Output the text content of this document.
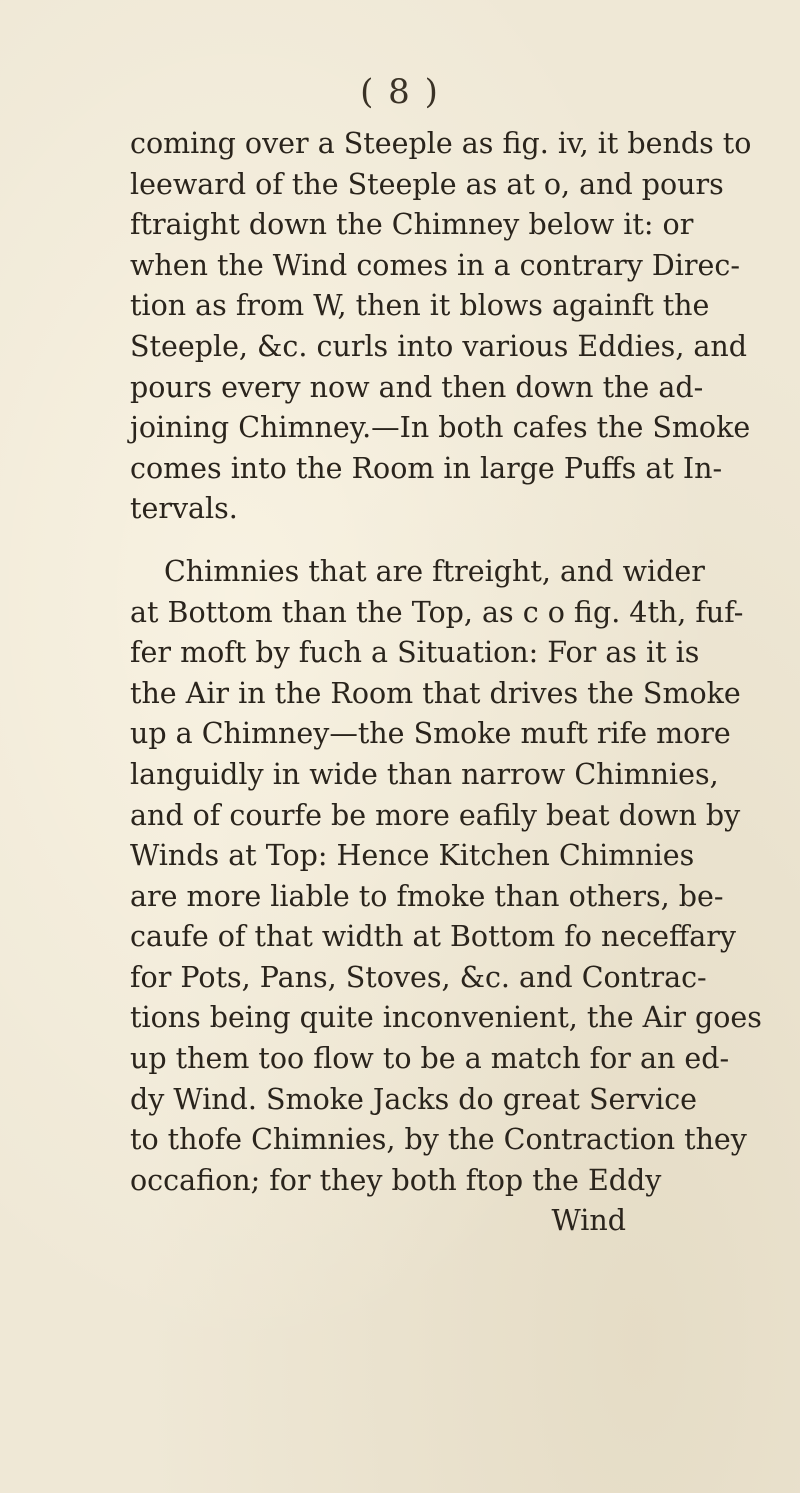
( 8 )
coming over a Steeple as fig. iv, it bends to
leeward of the Steeple as at o, and pours
ftraight down the Chimney below it: or
when the Wind comes in a contrary Direc-
tion as from W, then it blows againft the
Steeple, &c. curls into various Eddies, and
pours every now and then down the ad-
joining Chimney.—In both cafes the Smoke
comes into the Room in large Puffs at In-
tervals.
Chimnies that are ftreight, and wider
at Bottom than the Top, as c o fig. 4th, fuf-
fer moft by fuch a Situation: For as it is
the Air in the Room that drives the Smoke
up a Chimney—the Smoke muft rife more
languidly in wide than narrow Chimnies,
and of courfe be more eafily beat down by
Winds at Top: Hence Kitchen Chimnies
are more liable to fmoke than others, be-
caufe of that width at Bottom fo neceffary
for Pots, Pans, Stoves, &c. and Contrac-
tions being quite inconvenient, the Air goes
up them too flow to be a match for an ed-
dy Wind. Smoke Jacks do great Service
to thofe Chimnies, by the Contraction they
occafion; for they both ftop the Eddy
Wind
